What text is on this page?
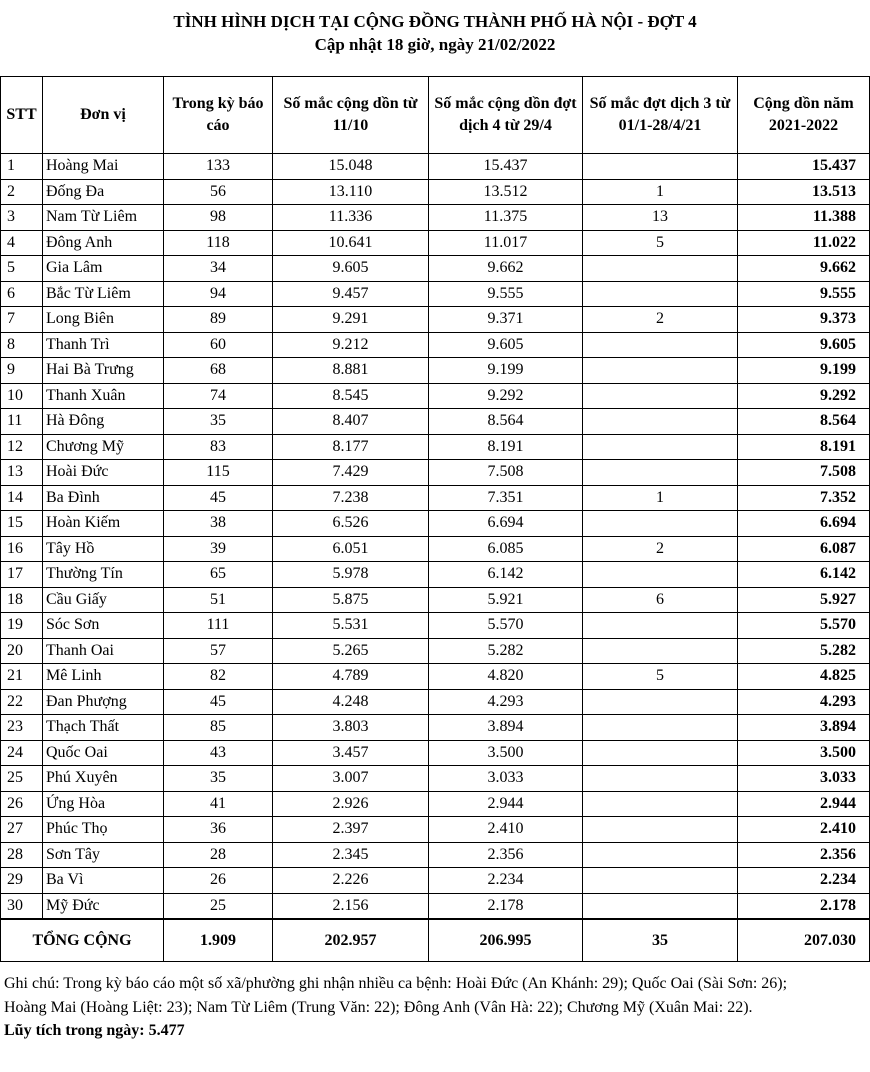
TÌNH HÌNH DỊCH TẠI CỘNG ĐỒNG THÀNH PHỐ HÀ NỘI - ĐỢT 4
Cập nhật 18 giờ, ngày 21/02/2022
STT	Đơn vị	Trong kỳ báo cáo	Số mắc cộng dồn từ 11/10	Số mắc cộng dồn đợt dịch 4 từ 29/4	Số mắc đợt dịch 3 từ 01/1-28/4/21	Cộng dồn năm 2021-2022
1	Hoàng Mai	133	15.048	15.437		15.437
2	Đống Đa	56	13.110	13.512	1	13.513
3	Nam Từ Liêm	98	11.336	11.375	13	11.388
4	Đông Anh	118	10.641	11.017	5	11.022
5	Gia Lâm	34	9.605	9.662		9.662
6	Bắc Từ Liêm	94	9.457	9.555		9.555
7	Long Biên	89	9.291	9.371	2	9.373
8	Thanh Trì	60	9.212	9.605		9.605
9	Hai Bà Trưng	68	8.881	9.199		9.199
10	Thanh Xuân	74	8.545	9.292		9.292
11	Hà Đông	35	8.407	8.564		8.564
12	Chương Mỹ	83	8.177	8.191		8.191
13	Hoài Đức	115	7.429	7.508		7.508
14	Ba Đình	45	7.238	7.351	1	7.352
15	Hoàn Kiếm	38	6.526	6.694		6.694
16	Tây Hồ	39	6.051	6.085	2	6.087
17	Thường Tín	65	5.978	6.142		6.142
18	Cầu Giấy	51	5.875	5.921	6	5.927
19	Sóc Sơn	111	5.531	5.570		5.570
20	Thanh Oai	57	5.265	5.282		5.282
21	Mê Linh	82	4.789	4.820	5	4.825
22	Đan Phượng	45	4.248	4.293		4.293
23	Thạch Thất	85	3.803	3.894		3.894
24	Quốc Oai	43	3.457	3.500		3.500
25	Phú Xuyên	35	3.007	3.033		3.033
26	Ứng Hòa	41	2.926	2.944		2.944
27	Phúc Thọ	36	2.397	2.410		2.410
28	Sơn Tây	28	2.345	2.356		2.356
29	Ba Vì	26	2.226	2.234		2.234
30	Mỹ Đức	25	2.156	2.178		2.178
TỔNG CỘNG		1.909	202.957	206.995	35	207.030
Ghi chú: Trong kỳ báo cáo một số xã/phường ghi nhận nhiều ca bệnh: Hoài Đức (An Khánh: 29); Quốc Oai (Sài Sơn: 26);
Hoàng Mai (Hoàng Liệt: 23); Nam Từ Liêm (Trung Văn: 22); Đông Anh (Vân Hà: 22); Chương Mỹ (Xuân Mai: 22).
Lũy tích trong ngày: 5.477
